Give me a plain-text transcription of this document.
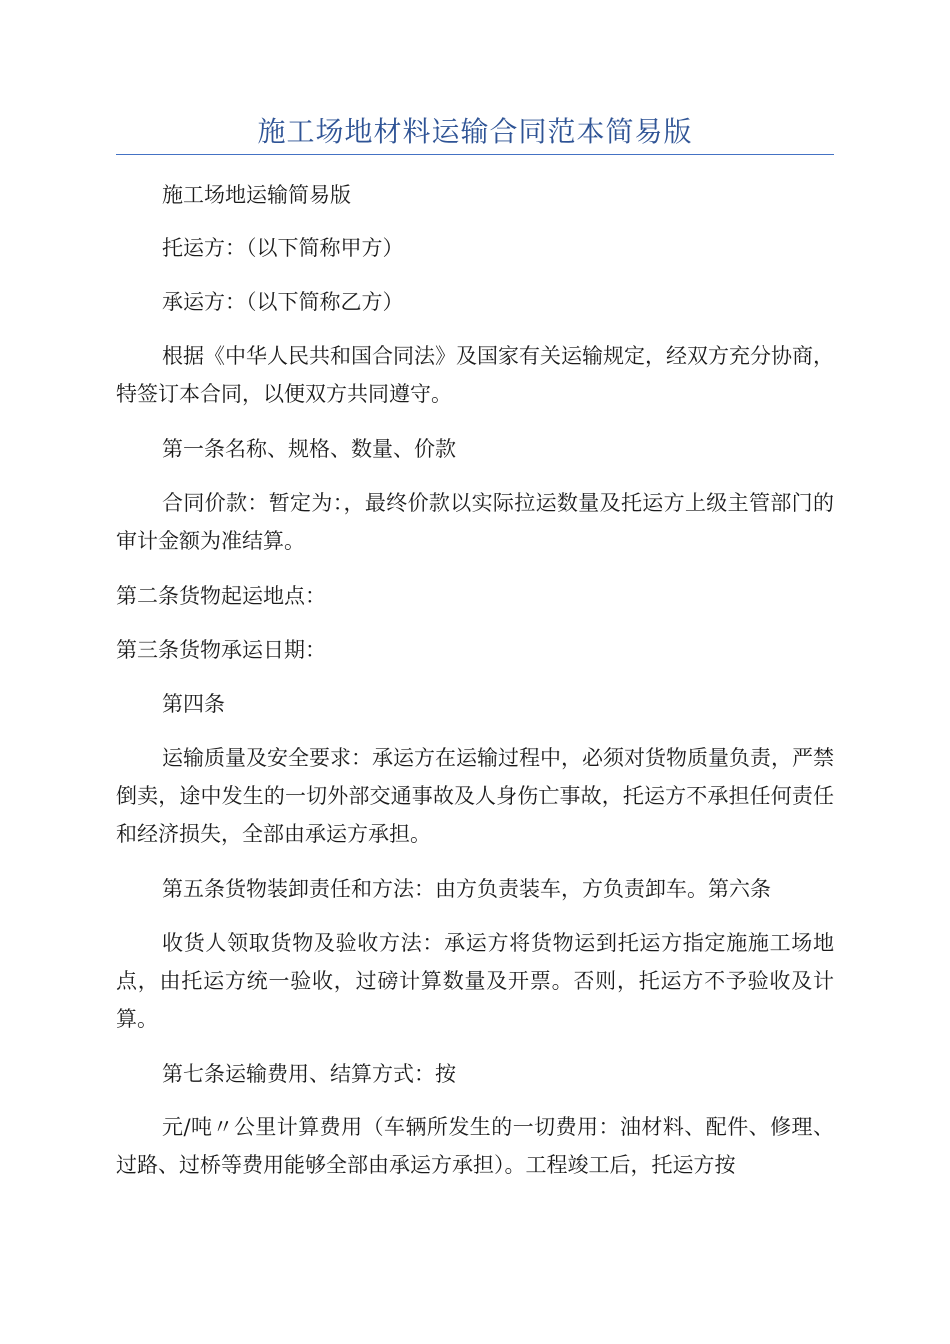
施工场地材料运输合同范本简易版

施工场地运输简易版

托运方：（以下简称甲方）

承运方：（以下简称乙方）

根据《中华人民共和国合同法》及国家有关运输规定，经双方充分协商，特签订本合同，以便双方共同遵守。

第一条名称、规格、数量、价款

合同价款：暂定为：，最终价款以实际拉运数量及托运方上级主管部门的审计金额为准结算。

第二条货物起运地点：

第三条货物承运日期：

第四条

运输质量及安全要求：承运方在运输过程中，必须对货物质量负责，严禁倒卖，途中发生的一切外部交通事故及人身伤亡事故，托运方不承担任何责任和经济损失，全部由承运方承担。

第五条货物装卸责任和方法：由方负责装车，方负责卸车。第六条

收货人领取货物及验收方法：承运方将货物运到托运方指定施施工场地点，由托运方统一验收，过磅计算数量及开票。否则，托运方不予验收及计算。

第七条运输费用、结算方式：按

元/吨〃公里计算费用（车辆所发生的一切费用：油材料、配件、修理、过路、过桥等费用能够全部由承运方承担）。工程竣工后，托运方按
